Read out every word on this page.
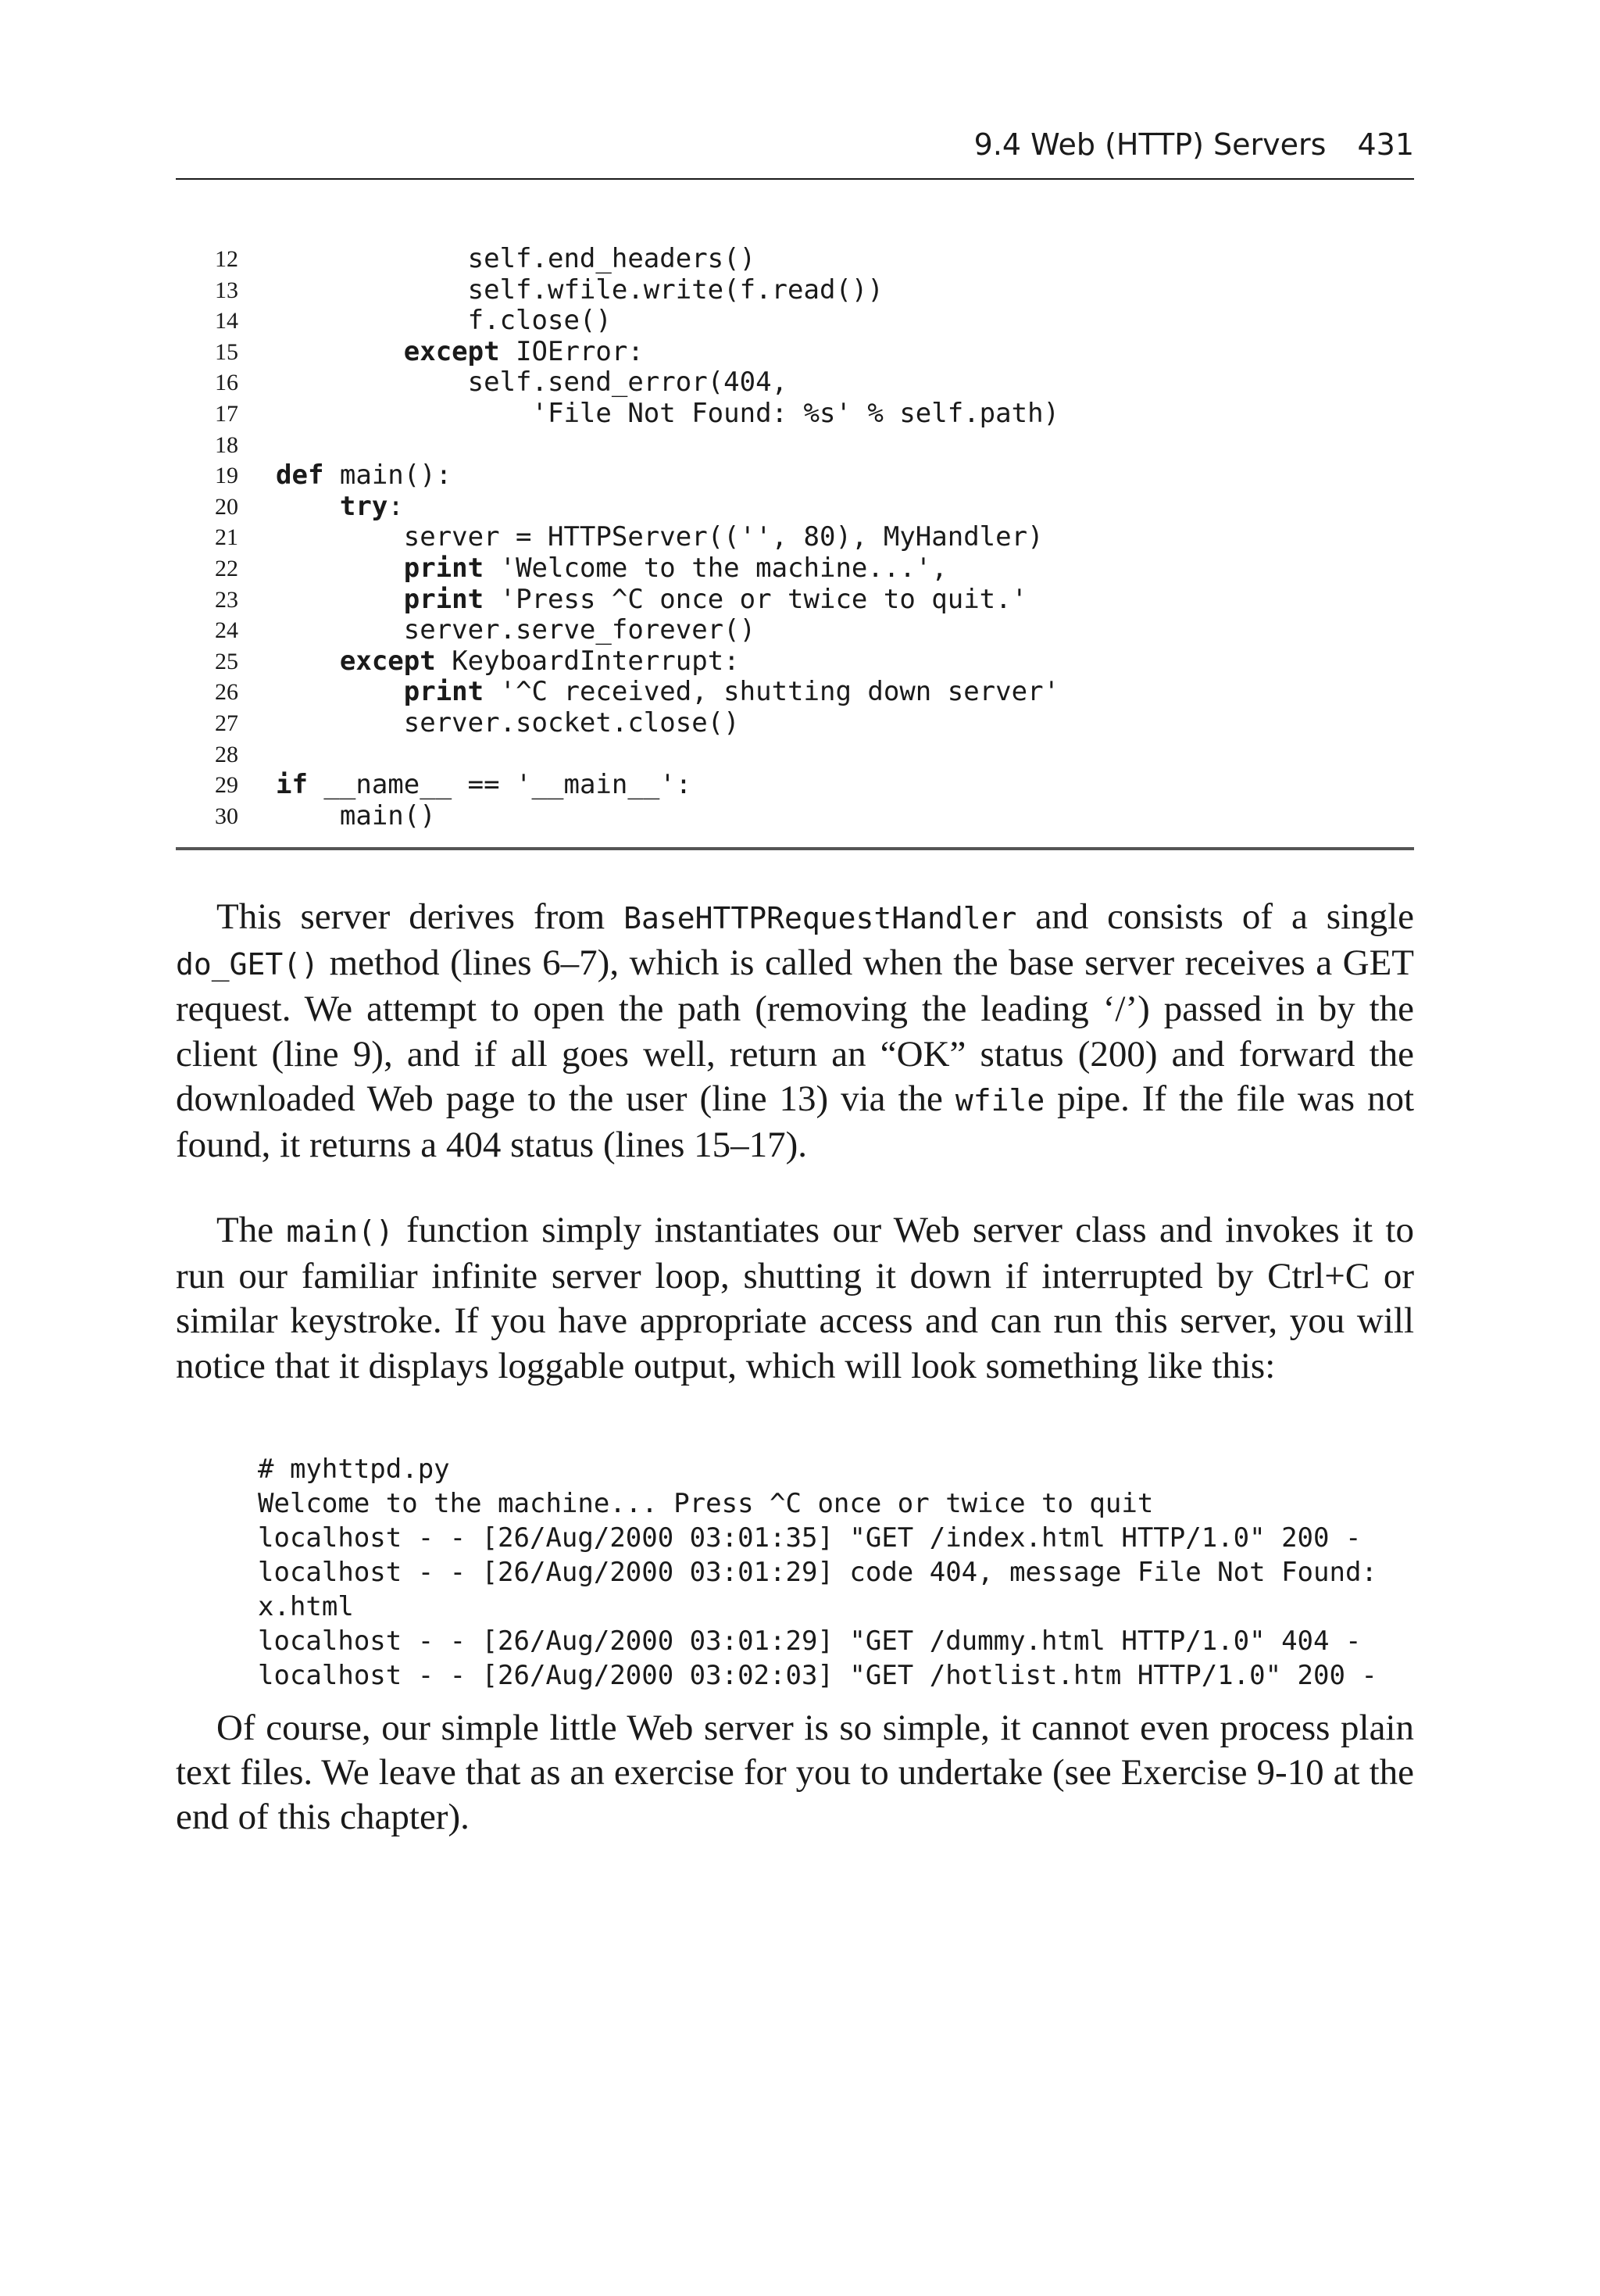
9.4 Web (HTTP) Servers 431
12	self.end_headers()
13	self.wfile.write(f.read())
14	f.close()
15	except IOError:
16	self.send_error(404,
17	'File Not Found: %s' % self.path)
18
19	def main():
20	try:
21	server = HTTPServer(('', 80), MyHandler)
22	print 'Welcome to the machine...',
23	print 'Press ^C once or twice to quit.'
24	server.serve_forever()
25	except KeyboardInterrupt:
26	print '^C received, shutting down server'
27	server.socket.close()
28
29	if __name__ == '__main__':
30	main()

This server derives from BaseHTTPRequestHandler and consists of a single do_GET() method (lines 6–7), which is called when the base server receives a GET request. We attempt to open the path (removing the leading ‘/’) passed in by the client (line 9), and if all goes well, return an “OK” status (200) and forward the downloaded Web page to the user (line 13) via the wfile pipe. If the file was not found, it returns a 404 status (lines 15–17).

The main() function simply instantiates our Web server class and invokes it to run our familiar infinite server loop, shutting it down if interrupted by Ctrl+C or similar keystroke. If you have appropriate access and can run this server, you will notice that it displays loggable output, which will look something like this:

# myhttpd.py
Welcome to the machine... Press ^C once or twice to quit
localhost - - [26/Aug/2000 03:01:35] "GET /index.html HTTP/1.0" 200 -
localhost - - [26/Aug/2000 03:01:29] code 404, message File Not Found:
x.html
localhost - - [26/Aug/2000 03:01:29] "GET /dummy.html HTTP/1.0" 404 -
localhost - - [26/Aug/2000 03:02:03] "GET /hotlist.htm HTTP/1.0" 200 -

Of course, our simple little Web server is so simple, it cannot even process plain text files. We leave that as an exercise for you to undertake (see Exercise 9-10 at the end of this chapter).
